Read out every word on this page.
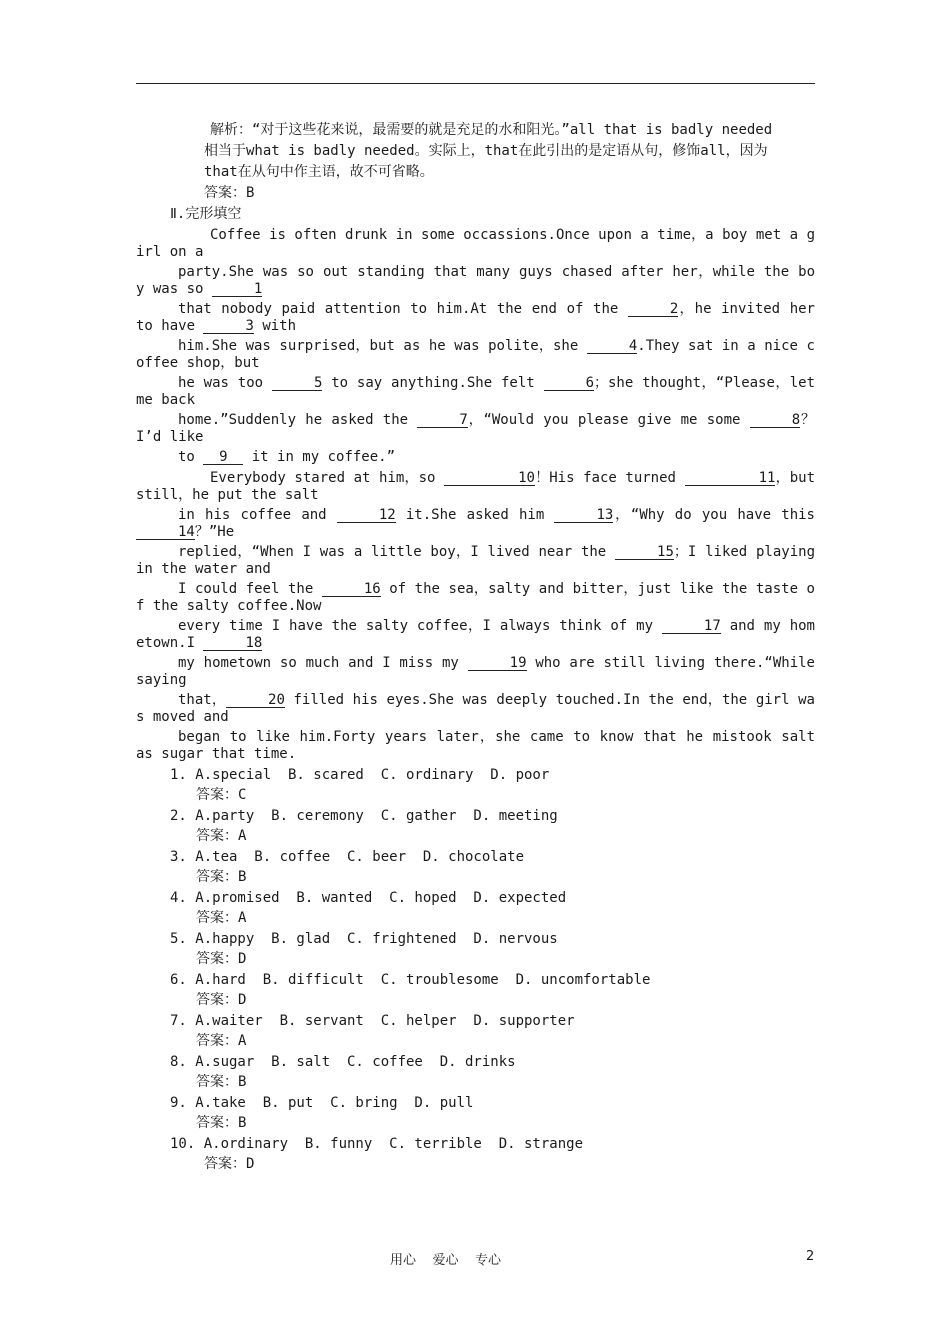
解析：“对于这些花来说，最需要的就是充足的水和阳光。”all that is badly needed
相当于what is badly needed。实际上，that在此引出的是定语从句，修饰all，因为
that在从句中作主语，故不可省略。
答案：B
Ⅱ.完形填空
Coffee is often drunk in some occassions.Once upon a time，a boy met a girl on a
party.She was so out standing that many guys chased after her，while the boy was so	1
that nobody paid attention to him.At the end of the	2，he invited her to have	3 with
him.She was surprised，but as he was polite，she	4.They sat in a nice coffee shop，but
he was too	5 to say anything.She felt	6；she thought，“Please，let me back
home.”Suddenly he asked the	7，“Would you please give me some	8？ I’d like
to 9 it in my coffee.”
Everybody stared at him，so	10！His face turned	11，but still，he put the salt
in his coffee and	12 it.She asked him	13，“Why do you have this 14？”He
replied，“When I was a little boy，I lived near the	15；I liked playing in the water and
I could feel the	16 of the sea，salty and bitter，just like the taste of the salty coffee.Now
every time I have the salty coffee，I always think of my	17 and my hometown.I	18
my hometown so much and I miss my	19 who are still living there.“While saying
that，	20 filled his eyes.She was deeply touched.In the end，the girl was moved and
began to like him.Forty years later，she came to know that he mistook salt as sugar that time.
1. A.special  B. scared  C. ordinary  D. poor
答案：C
2. A.party  B. ceremony  C. gather  D. meeting
答案：A
3. A.tea  B. coffee  C. beer  D. chocolate
答案：B
4. A.promised  B. wanted  C. hoped  D. expected
答案：A
5. A.happy  B. glad  C. frightened  D. nervous
答案：D
6. A.hard  B. difficult  C. troublesome  D. uncomfortable
答案：D
7. A.waiter  B. servant  C. helper  D. supporter
答案：A
8. A.sugar  B. salt  C. coffee  D. drinks
答案：B
9. A.take  B. put  C. bring  D. pull
答案：B
10. A.ordinary  B. funny  C. terrible  D. strange
答案：D
用心    爱心    专心	2
